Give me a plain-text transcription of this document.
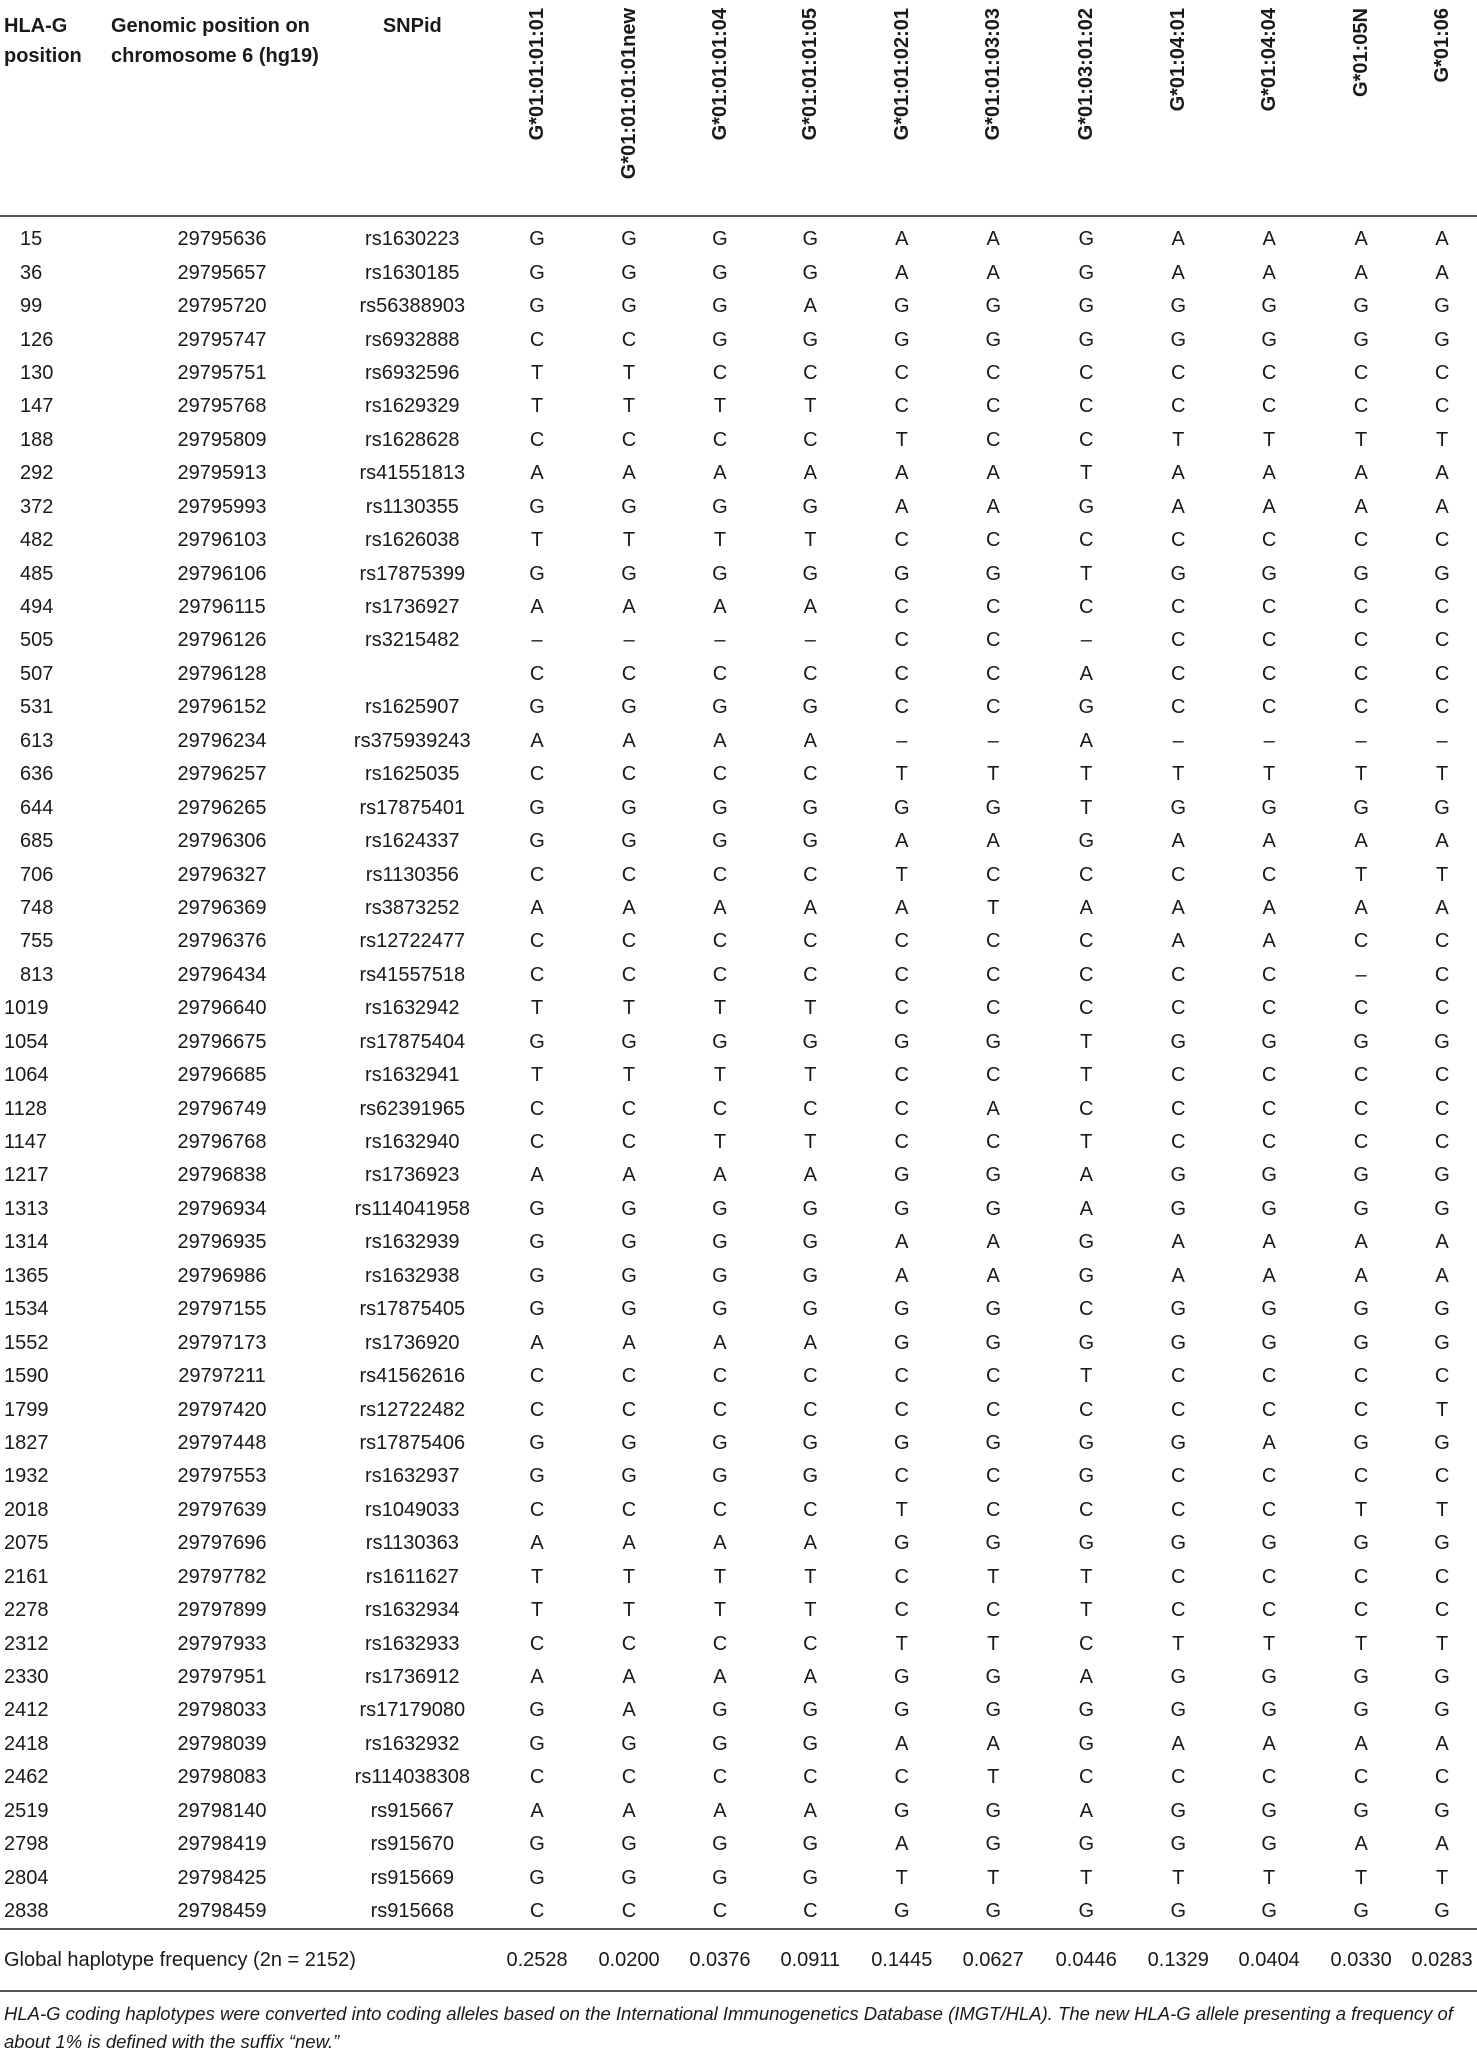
HLA-G position	Genomic position on chromosome 6 (hg19)	SNPid	G*01:01:01:01	G*01:01:01:01new	G*01:01:01:04	G*01:01:01:05	G*01:01:02:01	G*01:01:03:03	G*01:03:01:02	G*01:04:01	G*01:04:04	G*01:05N	G*01:06

15	29795636	rs1630223	G	G	G	G	A	A	G	A	A	A	A
36	29795657	rs1630185	G	G	G	G	A	A	G	A	A	A	A
99	29795720	rs56388903	G	G	G	A	G	G	G	G	G	G	G
126	29795747	rs6932888	C	C	G	G	G	G	G	G	G	G	G
130	29795751	rs6932596	T	T	C	C	C	C	C	C	C	C	C
147	29795768	rs1629329	T	T	T	T	C	C	C	C	C	C	C
188	29795809	rs1628628	C	C	C	C	T	C	C	T	T	T	T
292	29795913	rs41551813	A	A	A	A	A	A	T	A	A	A	A
372	29795993	rs1130355	G	G	G	G	A	A	G	A	A	A	A
482	29796103	rs1626038	T	T	T	T	C	C	C	C	C	C	C
485	29796106	rs17875399	G	G	G	G	G	G	T	G	G	G	G
494	29796115	rs1736927	A	A	A	A	C	C	C	C	C	C	C
505	29796126	rs3215482	–	–	–	–	C	C	–	C	C	C	C
507	29796128		C	C	C	C	C	C	A	C	C	C	C
531	29796152	rs1625907	G	G	G	G	C	C	G	C	C	C	C
613	29796234	rs375939243	A	A	A	A	–	–	A	–	–	–	–
636	29796257	rs1625035	C	C	C	C	T	T	T	T	T	T	T
644	29796265	rs17875401	G	G	G	G	G	G	T	G	G	G	G
685	29796306	rs1624337	G	G	G	G	A	A	G	A	A	A	A
706	29796327	rs1130356	C	C	C	C	T	C	C	C	C	T	T
748	29796369	rs3873252	A	A	A	A	A	T	A	A	A	A	A
755	29796376	rs12722477	C	C	C	C	C	C	C	A	A	C	C
813	29796434	rs41557518	C	C	C	C	C	C	C	C	C	–	C
1019	29796640	rs1632942	T	T	T	T	C	C	C	C	C	C	C
1054	29796675	rs17875404	G	G	G	G	G	G	T	G	G	G	G
1064	29796685	rs1632941	T	T	T	T	C	C	T	C	C	C	C
1128	29796749	rs62391965	C	C	C	C	C	A	C	C	C	C	C
1147	29796768	rs1632940	C	C	T	T	C	C	T	C	C	C	C
1217	29796838	rs1736923	A	A	A	A	G	G	A	G	G	G	G
1313	29796934	rs114041958	G	G	G	G	G	G	A	G	G	G	G
1314	29796935	rs1632939	G	G	G	G	A	A	G	A	A	A	A
1365	29796986	rs1632938	G	G	G	G	A	A	G	A	A	A	A
1534	29797155	rs17875405	G	G	G	G	G	G	C	G	G	G	G
1552	29797173	rs1736920	A	A	A	A	G	G	G	G	G	G	G
1590	29797211	rs41562616	C	C	C	C	C	C	T	C	C	C	C
1799	29797420	rs12722482	C	C	C	C	C	C	C	C	C	C	T
1827	29797448	rs17875406	G	G	G	G	G	G	G	G	A	G	G
1932	29797553	rs1632937	G	G	G	G	C	C	G	C	C	C	C
2018	29797639	rs1049033	C	C	C	C	T	C	C	C	C	T	T
2075	29797696	rs1130363	A	A	A	A	G	G	G	G	G	G	G
2161	29797782	rs1611627	T	T	T	T	C	T	T	C	C	C	C
2278	29797899	rs1632934	T	T	T	T	C	C	T	C	C	C	C
2312	29797933	rs1632933	C	C	C	C	T	T	C	T	T	T	T
2330	29797951	rs1736912	A	A	A	A	G	G	A	G	G	G	G
2412	29798033	rs17179080	G	A	G	G	G	G	G	G	G	G	G
2418	29798039	rs1632932	G	G	G	G	A	A	G	A	A	A	A
2462	29798083	rs114038308	C	C	C	C	C	T	C	C	C	C	C
2519	29798140	rs915667	A	A	A	A	G	G	A	G	G	G	G
2798	29798419	rs915670	G	G	G	G	A	G	G	G	G	A	A
2804	29798425	rs915669	G	G	G	G	T	T	T	T	T	T	T
2838	29798459	rs915668	C	C	C	C	G	G	G	G	G	G	G
Global haplotype frequency (2n = 2152)			0.2528	0.0200	0.0376	0.0911	0.1445	0.0627	0.0446	0.1329	0.0404	0.0330	0.0283
HLA-G coding haplotypes were converted into coding alleles based on the International Immunogenetics Database (IMGT/HLA). The new HLA-G allele presenting a frequency of about 1% is defined with the suffix “new.”
